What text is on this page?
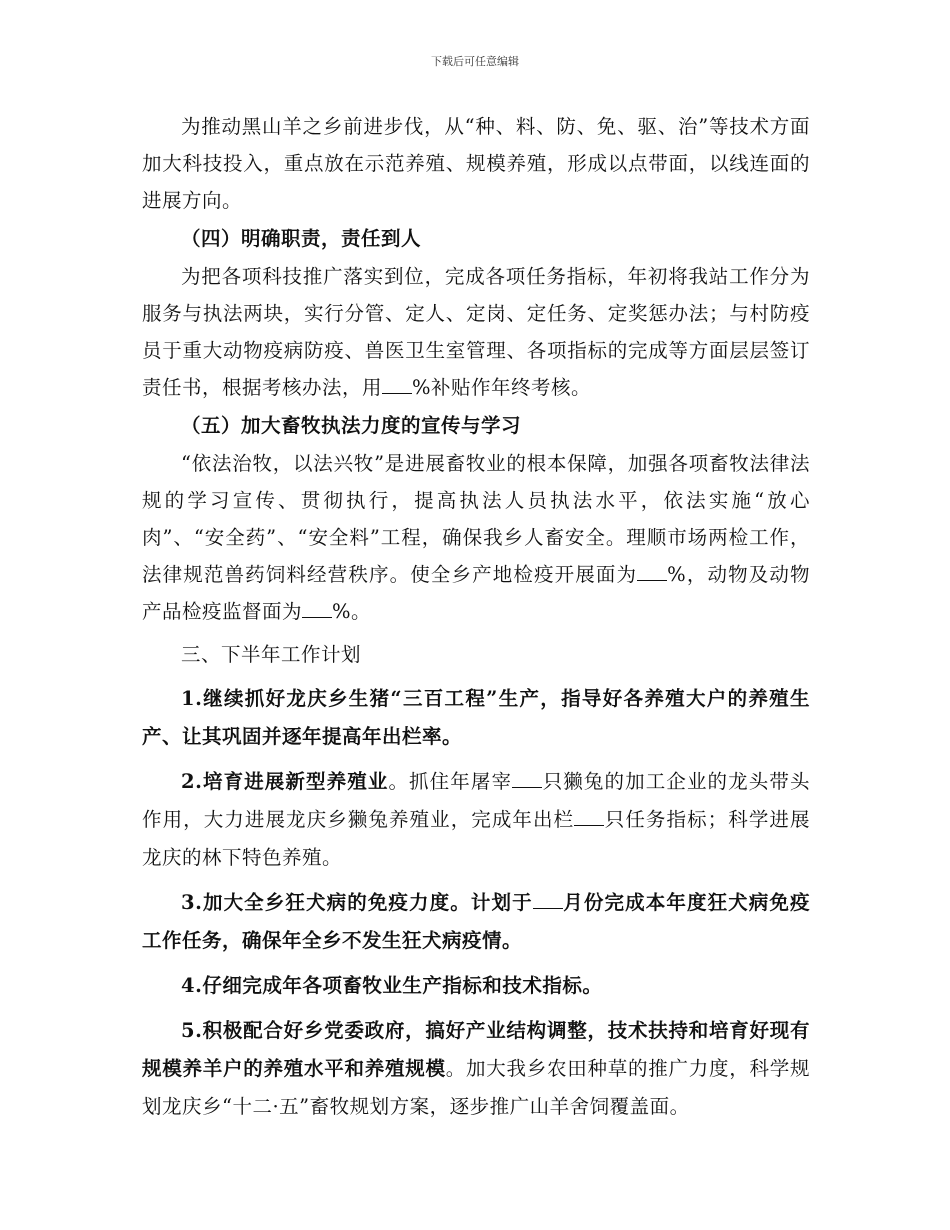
下载后可任意编辑

为推动黑山羊之乡前进步伐，从“种、料、防、免、驱、治”等技术方面加大科技投入，重点放在示范养殖、规模养殖，形成以点带面，以线连面的进展方向。

（四）明确职责，责任到人

为把各项科技推广落实到位，完成各项任务指标，年初将我站工作分为服务与执法两块，实行分管、定人、定岗、定任务、定奖惩办法；与村防疫员于重大动物疫病防疫、兽医卫生室管理、各项指标的完成等方面层层签订责任书，根据考核办法，用 %补贴作年终考核。

（五）加大畜牧执法力度的宣传与学习

“依法治牧，以法兴牧”是进展畜牧业的根本保障，加强各项畜牧法律法规的学习宣传、贯彻执行，提高执法人员执法水平，依法实施“放心肉”、“安全药”、“安全料”工程，确保我乡人畜安全。理顺市场两检工作，法律规范兽药饲料经营秩序。使全乡产地检疫开展面为 %，动物及动物产品检疫监督面为 %。

三、下半年工作计划

1.继续抓好龙庆乡生猪“三百工程”生产，指导好各养殖大户的养殖生产、让其巩固并逐年提高年出栏率。

2.培育进展新型养殖业。抓住年屠宰 只獭兔的加工企业的龙头带头作用，大力进展龙庆乡獭兔养殖业，完成年出栏 只任务指标；科学进展龙庆的林下特色养殖。

3.加大全乡狂犬病的免疫力度。计划于 月份完成本年度狂犬病免疫工作任务，确保年全乡不发生狂犬病疫情。

4.仔细完成年各项畜牧业生产指标和技术指标。

5.积极配合好乡党委政府，搞好产业结构调整，技术扶持和培育好现有规模养羊户的养殖水平和养殖规模。加大我乡农田种草的推广力度，科学规划龙庆乡“十二·五”畜牧规划方案，逐步推广山羊舍饲覆盖面。
